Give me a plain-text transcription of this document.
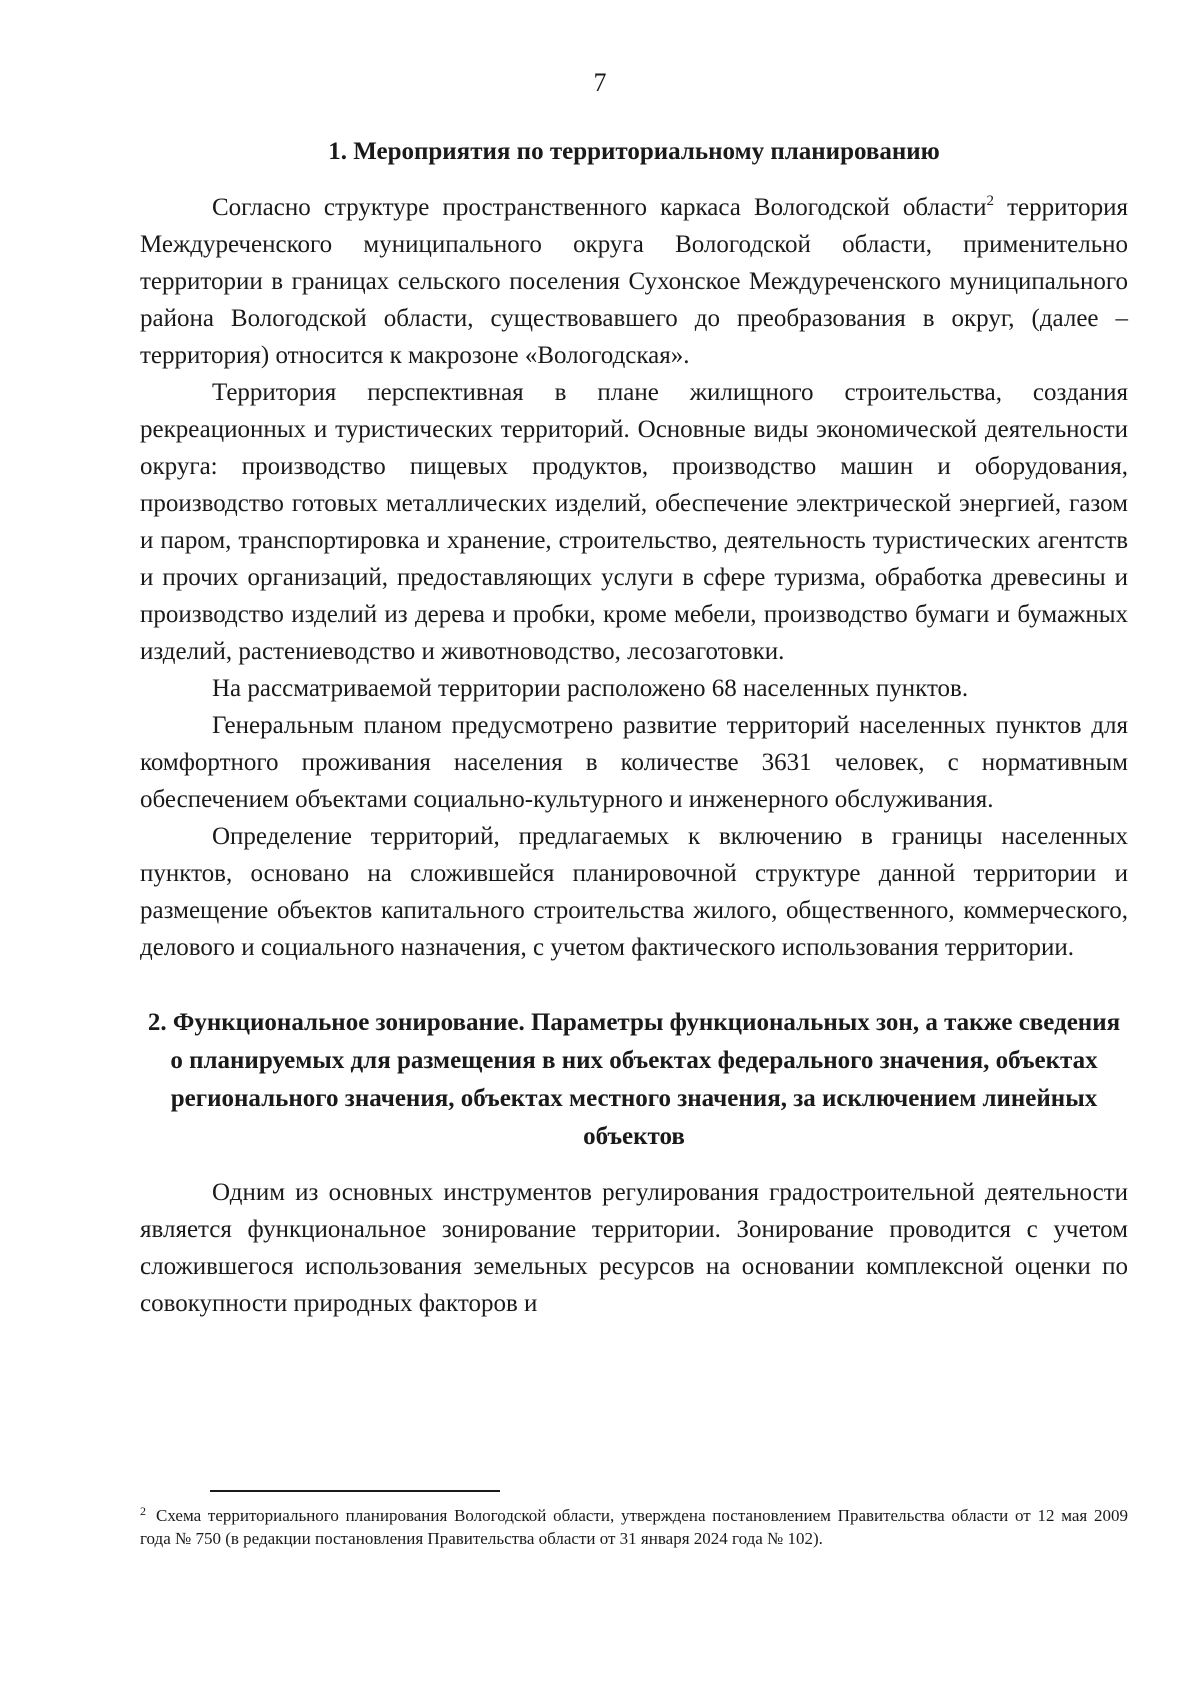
7
1. Мероприятия по территориальному планированию

Согласно структуре пространственного каркаса Вологодской области$^2$ территория Междуреченского муниципального округа Вологодской области, применительно территории в границах сельского поселения Сухонское Междуреченского муниципального района Вологодской области, существовавшего до преобразования в округ, (далее – территория) относится к макрозоне «Вологодская».

Территория перспективная в плане жилищного строительства, создания рекреационных и туристических территорий. Основные виды экономической деятельности округа: производство пищевых продуктов, производство машин и оборудования, производство готовых металлических изделий, обеспечение электрической энергией, газом и паром, транспортировка и хранение, строительство, деятельность туристических агентств и прочих организаций, предоставляющих услуги в сфере туризма, обработка древесины и производство изделий из дерева и пробки, кроме мебели, производство бумаги и бумажных изделий, растениеводство и животноводство, лесозаготовки.

На рассматриваемой территории расположено 68 населенных пунктов.

Генеральным планом предусмотрено развитие территорий населенных пунктов для комфортного проживания населения в количестве 3631 человек, с нормативным обеспечением объектами социально-культурного и инженерного обслуживания.

Определение территорий, предлагаемых к включению в границы населенных пунктов, основано на сложившейся планировочной структуре данной территории и размещение объектов капитального строительства жилого, общественного, коммерческого, делового и социального назначения, с учетом фактического использования территории.

2. Функциональное зонирование. Параметры функциональных зон, а также сведения о планируемых для размещения в них объектах федерального значения, объектах регионального значения, объектах местного значения, за исключением линейных объектов

Одним из основных инструментов регулирования градостроительной деятельности является функциональное зонирование территории. Зонирование проводится с учетом сложившегося использования земельных ресурсов на основании комплексной оценки по совокупности природных факторов и

$^2$ Схема территориального планирования Вологодской области, утверждена постановлением Правительства области от 12 мая 2009 года № 750 (в редакции постановления Правительства области от 31 января 2024 года № 102).
